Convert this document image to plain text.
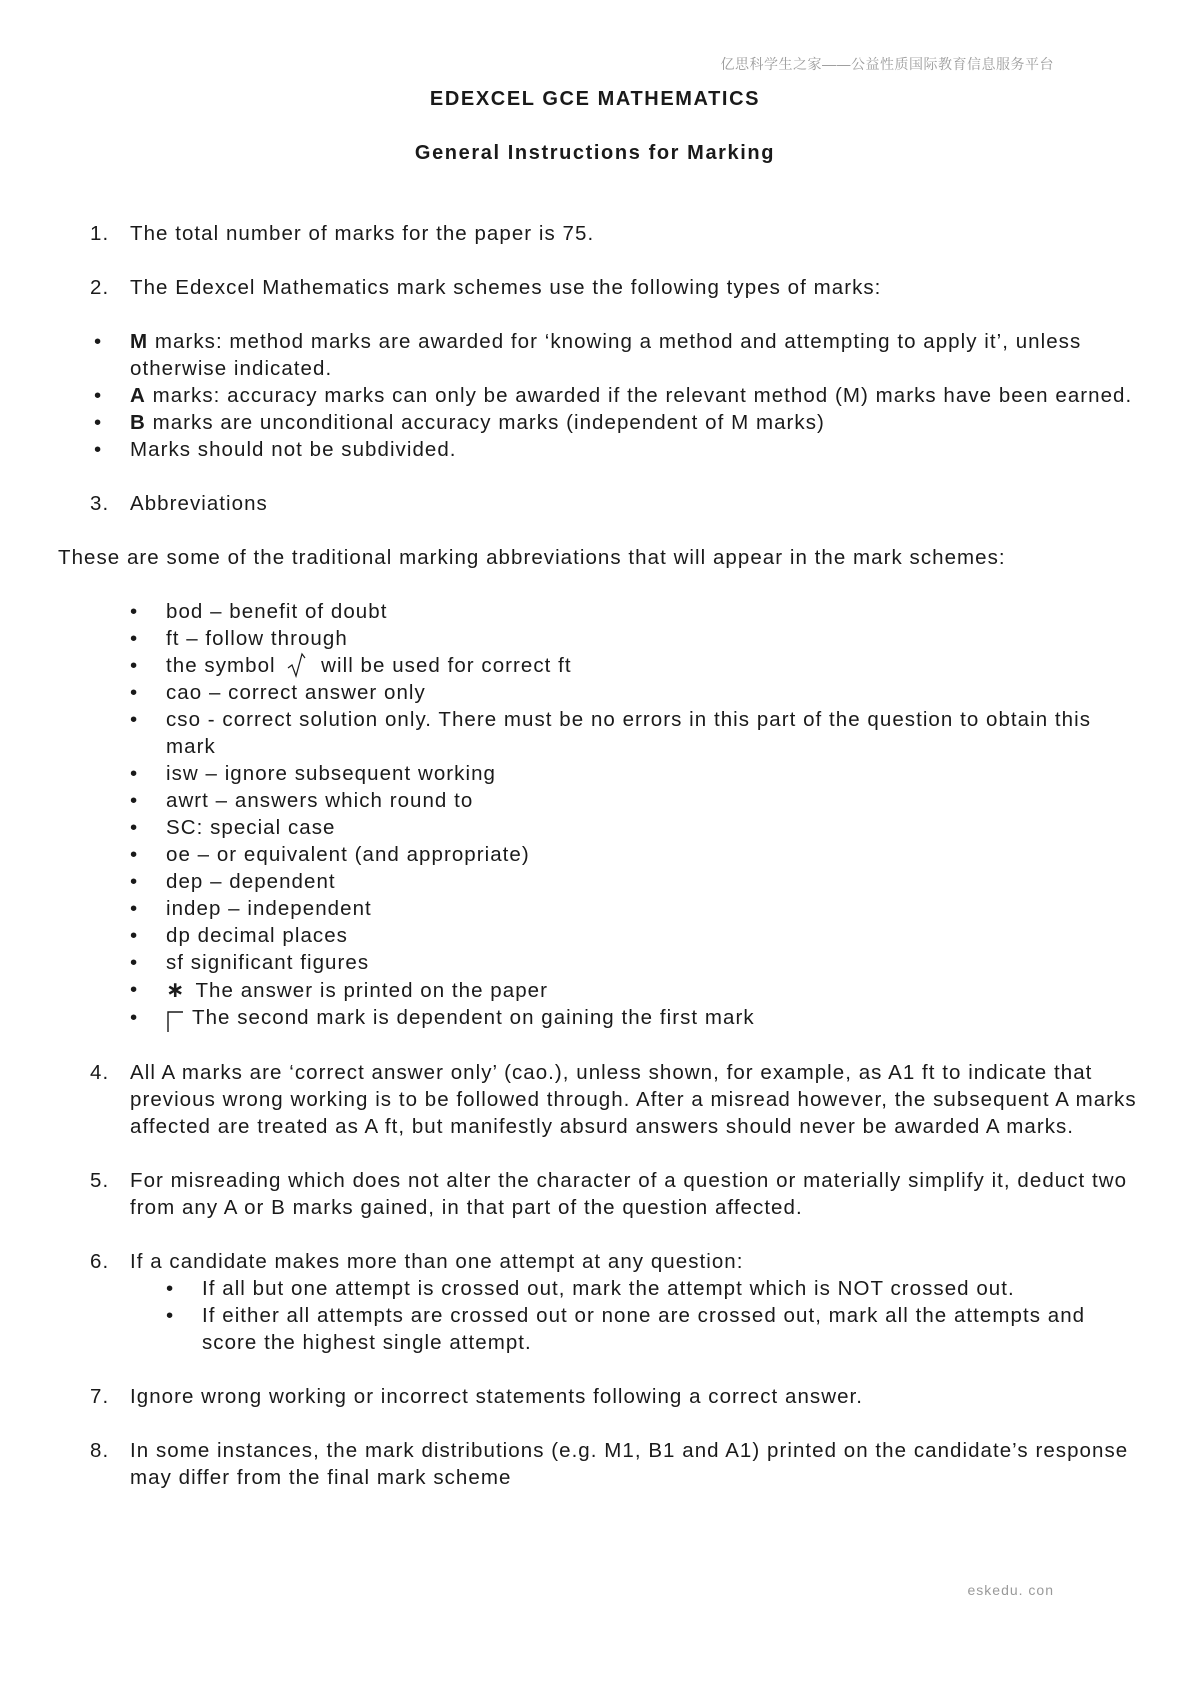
亿思科学生之家——公益性质国际教育信息服务平台
EDEXCEL GCE MATHEMATICS
General Instructions for Marking
1.	The total number of marks for the paper is 75.
2.	The Edexcel Mathematics mark schemes use the following types of marks:
• M marks: method marks are awarded for ‘knowing a method and attempting to apply it’, unless otherwise indicated.
• A marks: accuracy marks can only be awarded if the relevant method (M) marks have been earned.
• B marks are unconditional accuracy marks (independent of M marks)
• Marks should not be subdivided.
3.	Abbreviations
These are some of the traditional marking abbreviations that will appear in the mark schemes:
• bod – benefit of doubt
• ft – follow through
• the symbol will be used for correct ft
• cao – correct answer only
• cso - correct solution only. There must be no errors in this part of the question to obtain this mark
• isw – ignore subsequent working
• awrt – answers which round to
• SC: special case
• oe – or equivalent (and appropriate)
• dep – dependent
• indep – independent
• dp decimal places
• sf significant figures
• ∗ The answer is printed on the paper
• The second mark is dependent on gaining the first mark
4.	All A marks are ‘correct answer only’ (cao.), unless shown, for example, as A1 ft to indicate that previous wrong working is to be followed through. After a misread however, the subsequent A marks affected are treated as A ft, but manifestly absurd answers should never be awarded A marks.
5.	For misreading which does not alter the character of a question or materially simplify it, deduct two from any A or B marks gained, in that part of the question affected.
6.	If a candidate makes more than one attempt at any question:
• If all but one attempt is crossed out, mark the attempt which is NOT crossed out.
• If either all attempts are crossed out or none are crossed out, mark all the attempts and score the highest single attempt.
7.	Ignore wrong working or incorrect statements following a correct answer.
8.	In some instances, the mark distributions (e.g. M1, B1 and A1) printed on the candidate’s response may differ from the final mark scheme
eskedu. con
